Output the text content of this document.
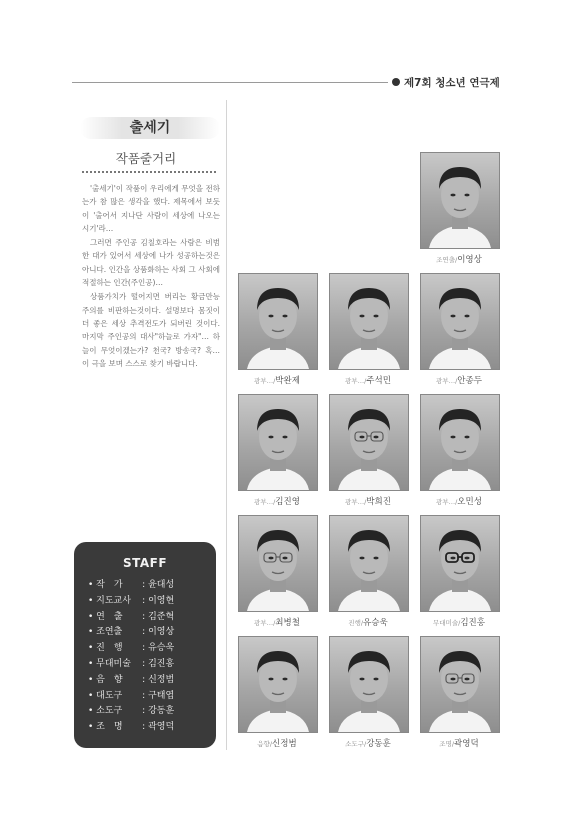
제7회 청소년 연극제
출세기
작품줄거리

'출세기'이 작품이 우리에게 무엇을 전하는가 참 많은 생각을 했다. 제목에서 보듯이 '출어서 지나단 사람이 세상에 나오는 시기'라…

그러면 주인공 김칠호라는 사람은 비범한 대가 있어서 세상에 나가 성공하는것은 아니다. 인간을 상품화하는 사회 그 사회에 적절하는 인간(주인공)…

상품가치가 떨어지면 버리는 황금만능주의를 비판하는것이다. 설명보다 몸짓이 더 좋은 세상 추격전도가 되버린 것이다. 마지막 주인공의 대사"하늘로 가자"… 하늘이 무엇이겠는가? 천국? 방송국? 혹… 이 극을 보며 스스로 찾기 바랍니다.

STAFF
• 작　가 : 윤대성
• 지도교사 : 이영현
• 연　출 : 김준혁
• 조연출 : 이영상
• 진　행 : 유승욱
• 무대미술 : 김진홍
• 음　향 : 신정범
• 대도구 : 구태엽
• 소도구 : 강동훈
• 조　명 : 곽영덕
조연출/이영상
광부…/박완제	광부…/주석민	광부…/안종두
광부…/김진영	광부…/박희진	광부…/오민성
광부…/최병철	진행/유승욱	무대미술/김진홍
음향/신정범	소도구/강동훈	조명/곽영덕
